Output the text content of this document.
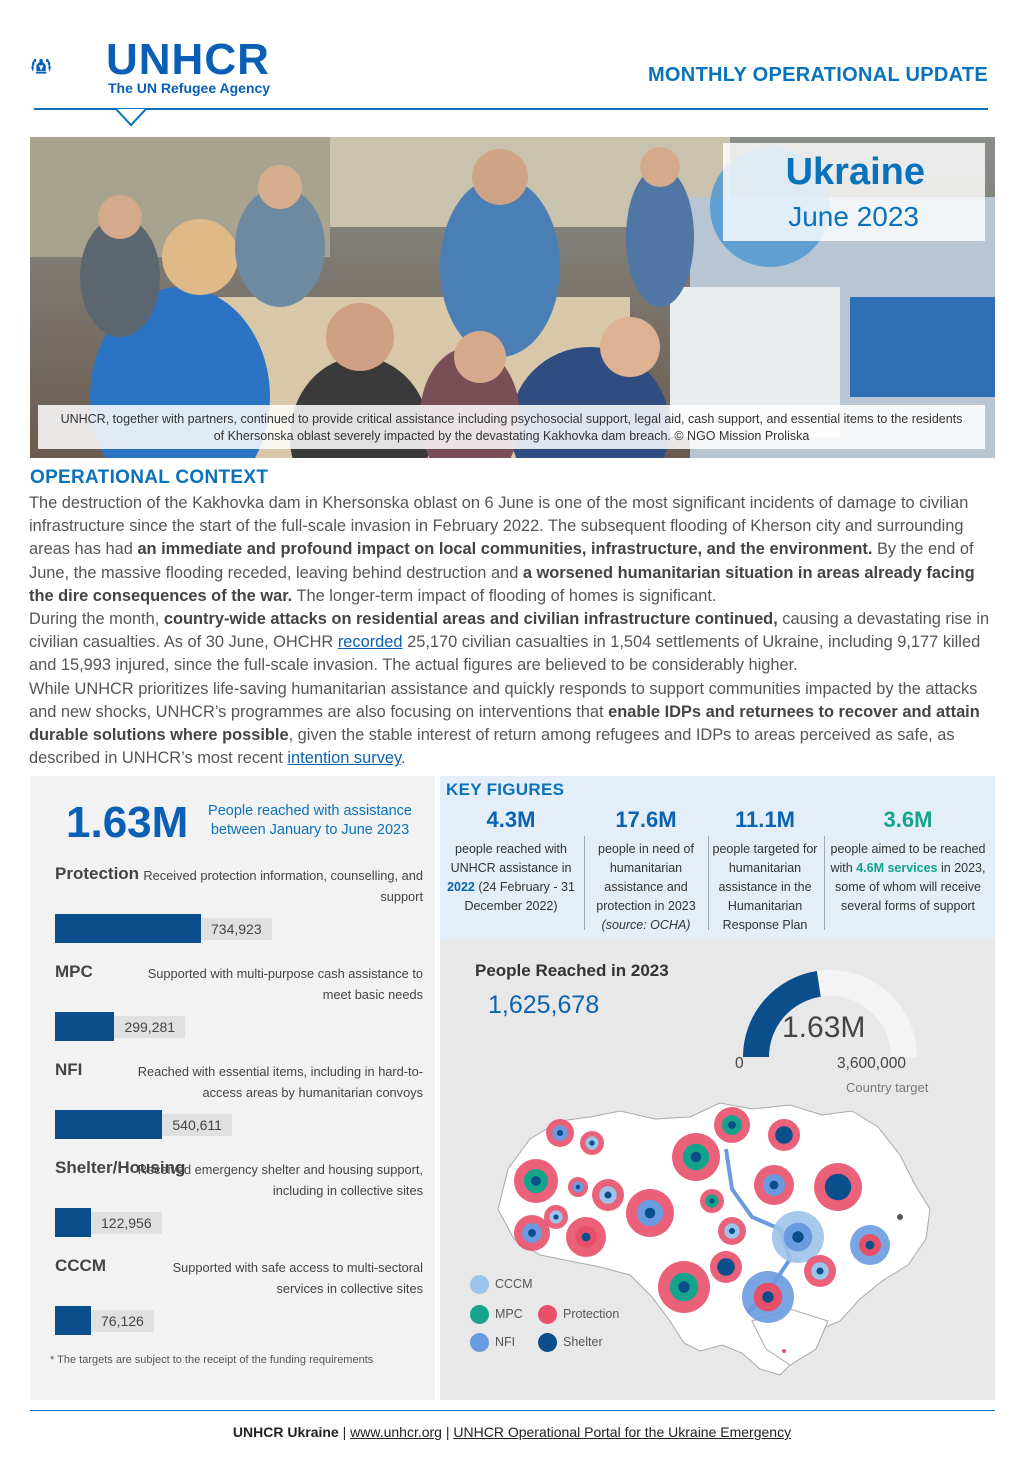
UNHCR
The UN Refugee Agency
MONTHLY OPERATIONAL UPDATE
Ukraine
June 2023
UNHCR, together with partners, continued to provide critical assistance including psychosocial support, legal aid, cash support, and essential items to the residents of Khersonska oblast severely impacted by the devastating Kakhovka dam breach. © NGO Mission Proliska
OPERATIONAL CONTEXT

The destruction of the Kakhovka dam in Khersonska oblast on 6 June is one of the most significant incidents of damage to civilian infrastructure since the start of the full-scale invasion in February 2022. The subsequent flooding of Kherson city and surrounding areas has had an immediate and profound impact on local communities, infrastructure, and the environment. By the end of June, the massive flooding receded, leaving behind destruction and a worsened humanitarian situation in areas already facing the dire consequences of the war. The longer-term impact of flooding of homes is significant.

During the month, country-wide attacks on residential areas and civilian infrastructure continued, causing a devastating rise in civilian casualties. As of 30 June, OHCHR recorded 25,170 civilian casualties in 1,504 settlements of Ukraine, including 9,177 killed and 15,993 injured, since the full-scale invasion. The actual figures are believed to be considerably higher.

While UNHCR prioritizes life-saving humanitarian assistance and quickly responds to support communities impacted by the attacks and new shocks, UNHCR’s programmes are also focusing on interventions that enable IDPs and returnees to recover and attain durable solutions where possible, given the stable interest of return among refugees and IDPs to areas perceived as safe, as described in UNHCR’s most recent intention survey.

1.63M People reached with assistance between January to June 2023
Protection Received protection information, counselling, and support
734,923
MPC	Supported with multi-purpose cash assistance to meet basic needs
299,281
NFI	Reached with essential items, including in hard-to-access areas by humanitarian convoys
540,611
Shelter/Housing
Received emergency shelter and housing support, including in collective sites
122,956
CCCM	Supported with safe access to multi-sectoral services in collective sites
76,126
* The targets are subject to the receipt of the funding requirements
KEY FIGURES
4.3M
people reached with UNHCR assistance in 2022 (24 February - 31 December 2022)
17.6M
people in need of humanitarian assistance and protection in 2023 (source: OCHA)
11.1M
people targeted for humanitarian assistance in the Humanitarian Response Plan
3.6M
people aimed to be reached with 4.6M services in 2023, some of whom will receive several forms of support
People Reached in 2023
1,625,678
1.63M
0	3,600,000
Country target
CCCM
MPC	Protection
NFI	Shelter
UNHCR Ukraine | www.unhcr.org | UNHCR Operational Portal for the Ukraine Emergency
